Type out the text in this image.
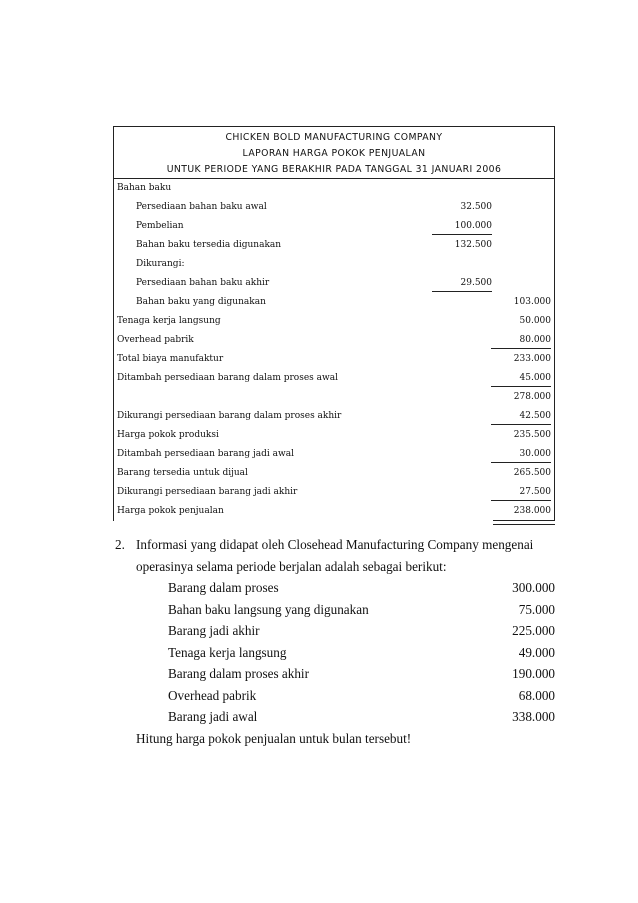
CHICKEN BOLD MANUFACTURING COMPANY
LAPORAN HARGA POKOK PENJUALAN
UNTUK PERIODE YANG BERAKHIR PADA TANGGAL 31 JANUARI 2006
Bahan baku
Persediaan bahan baku awal	32.500
Pembelian	100.000
Bahan baku tersedia digunakan	132.500
Dikurangi:
Persediaan bahan baku akhir	29.500
Bahan baku yang digunakan	103.000
Tenaga kerja langsung	50.000
Overhead pabrik	80.000
Total biaya manufaktur	233.000
Ditambah persediaan barang dalam proses awal	45.000
278.000
Dikurangi persediaan barang dalam proses akhir	42.500
Harga pokok produksi	235.500
Ditambah persediaan barang jadi awal	30.000
Barang tersedia untuk dijual	265.500
Dikurangi persediaan barang jadi akhir	27.500
Harga pokok penjualan	238.000
2. Informasi yang didapat oleh Closehead Manufacturing Company mengenai
operasinya selama periode berjalan adalah sebagai berikut:
Barang dalam proses	300.000
Bahan baku langsung yang digunakan	75.000
Barang jadi akhir	225.000
Tenaga kerja langsung	49.000
Barang dalam proses akhir	190.000
Overhead pabrik	68.000
Barang jadi awal	338.000
Hitung harga pokok penjualan untuk bulan tersebut!
